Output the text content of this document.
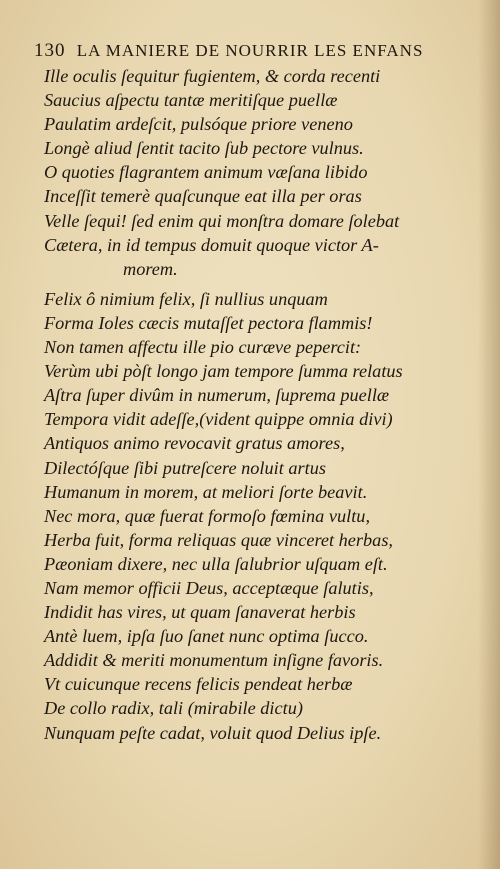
130 LA MANIERE DE NOURRIR LES ENFANS
Ille oculis ſequitur fugientem, & corda recenti
Saucius aſpectu tantæ meritiſque puellæ
Paulatim ardeſcit, pulsóque priore veneno
Longè aliud ſentit tacito ſub pectore vulnus.
O quoties flagrantem animum væſana libido
Inceſſit temerè quaſcunque eat illa per oras
Velle ſequi! ſed enim qui monſtra domare ſolebat
Cætera, in id tempus domuit quoque victor A-
morem.
Felix ô nimium felix, ſi nullius unquam
Forma Ioles cæcis mutaſſet pectora flammis!
Non tamen affectu ille pio curæve pepercit:
Verùm ubi pòſt longo jam tempore ſumma relatus
Aſtra ſuper divûm in numerum, ſuprema puellæ
Tempora vidit adeſſe,(vident quippe omnia divi)
Antiquos animo revocavit gratus amores,
Dilectóſque ſibi putreſcere noluit artus
Humanum in morem, at meliori ſorte beavit.
Nec mora, quæ fuerat formoſo fœmina vultu,
Herba fuit, forma reliquas quæ vinceret herbas,
Pæoniam dixere, nec ulla ſalubrior uſquam eſt.
Nam memor officii Deus, acceptæque ſalutis,
Indidit has vires, ut quam ſanaverat herbis
Antè luem, ipſa ſuo ſanet nunc optima ſucco.
Addidit & meriti monumentum inſigne favoris.
Vt cuicunque recens felicis pendeat herbæ
De collo radix, tali (mirabile dictu)
Nunquam peſte cadat, voluit quod Delius ipſe.
